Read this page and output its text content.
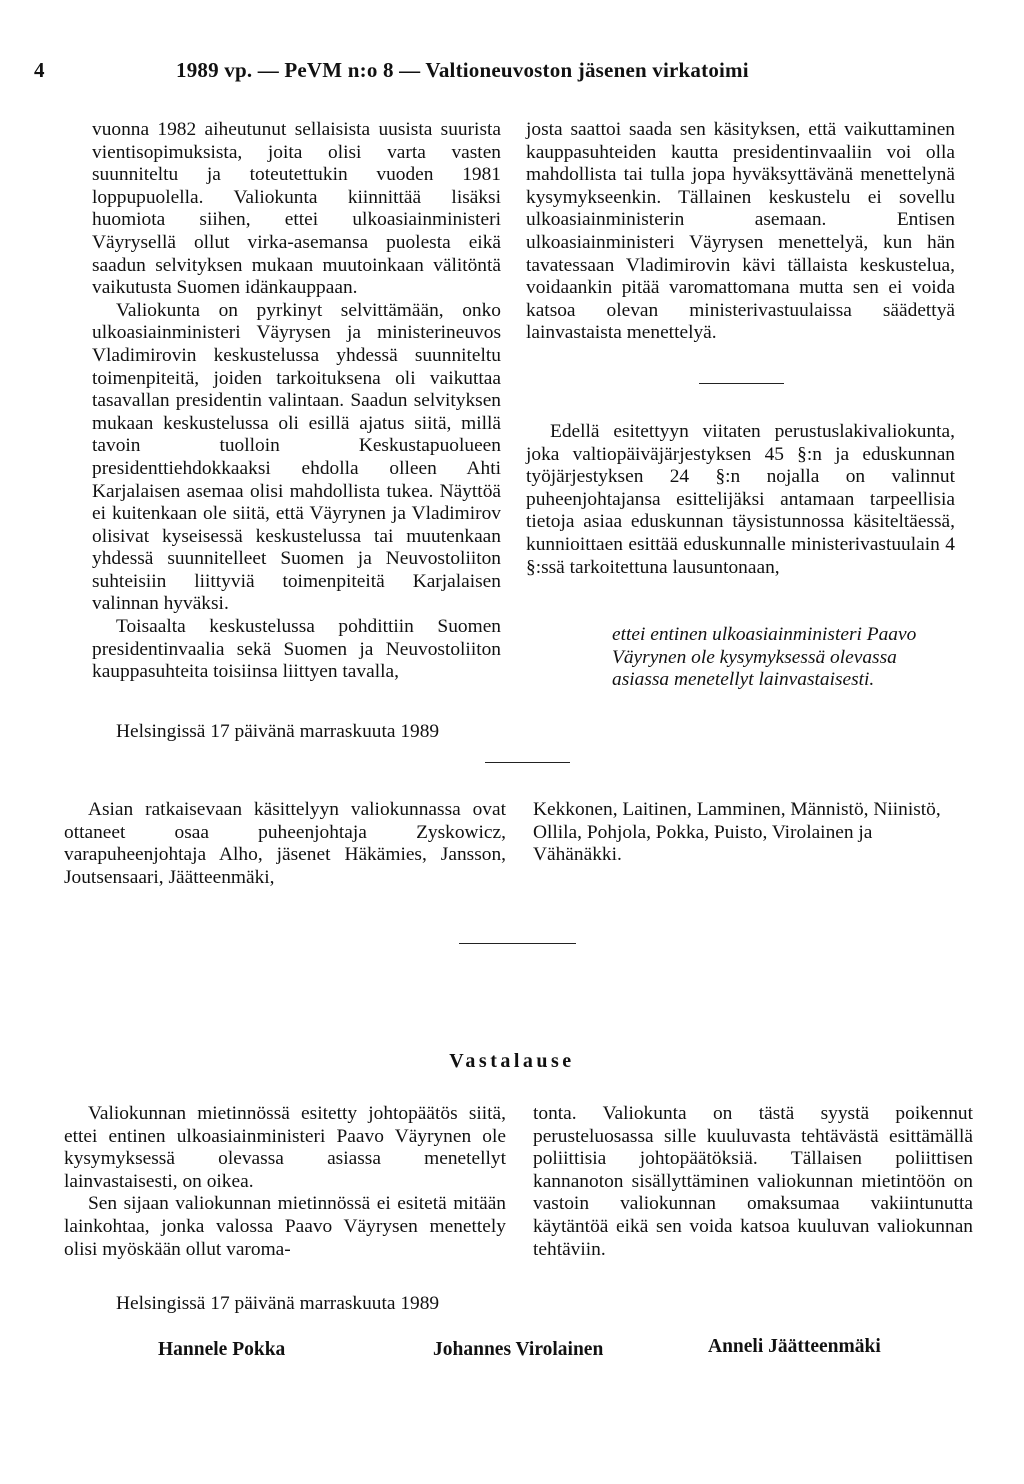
4	1989 vp. — PeVM n:o 8 — Valtioneuvoston jäsenen virkatoimi

vuonna 1982 aiheutunut sellaisista uusista suurista vientisopimuksista, joita olisi varta vasten suunniteltu ja toteutettukin vuoden 1981 loppupuolella. Valiokunta kiinnittää lisäksi huomiota siihen, ettei ulkoasiainministeri Väyrysellä ollut virka-asemansa puolesta eikä saadun selvityksen mukaan muutoinkaan välitöntä vaikutusta Suomen idänkauppaan.

Valiokunta on pyrkinyt selvittämään, onko ulkoasiainministeri Väyrysen ja ministerineuvos Vladimirovin keskustelussa yhdessä suunniteltu toimenpiteitä, joiden tarkoituksena oli vaikuttaa tasavallan presidentin valintaan. Saadun selvityksen mukaan keskustelussa oli esillä ajatus siitä, millä tavoin tuolloin Keskustapuolueen presidenttiehdokkaaksi ehdolla olleen Ahti Karjalaisen asemaa olisi mahdollista tukea. Näyttöä ei kuitenkaan ole siitä, että Väyrynen ja Vladimirov olisivat kyseisessä keskustelussa tai muutenkaan yhdessä suunnitelleet Suomen ja Neuvostoliiton suhteisiin liittyviä toimenpiteitä Karjalaisen valinnan hyväksi.

Toisaalta keskustelussa pohdittiin Suomen presidentinvaalia sekä Suomen ja Neuvostoliiton kauppasuhteita toisiinsa liittyen tavalla,

josta saattoi saada sen käsityksen, että vaikuttaminen kauppasuhteiden kautta presidentinvaaliin voi olla mahdollista tai tulla jopa hyväksyttävänä menettelynä kysymykseenkin. Tällainen keskustelu ei sovellu ulkoasiainministerin asemaan. Entisen ulkoasiainministeri Väyrysen menettelyä, kun hän tavatessaan Vladimirovin kävi tällaista keskustelua, voidaankin pitää varomattomana mutta sen ei voida katsoa olevan ministerivastuulaissa säädettyä lainvastaista menettelyä.

Edellä esitettyyn viitaten perustuslakivaliokunta, joka valtiopäiväjärjestyksen 45 §:n ja eduskunnan työjärjestyksen 24 §:n nojalla on valinnut puheenjohtajansa esittelijäksi antamaan tarpeellisia tietoja asiaa eduskunnan täysistunnossa käsiteltäessä, kunnioittaen esittää eduskunnalle ministerivastuulain 4 §:ssä tarkoitettuna lausuntonaan,

ettei entinen ulkoasiainministeri Paavo Väyrynen ole kysymyksessä olevassa asiassa menetellyt lainvastaisesti.

Helsingissä 17 päivänä marraskuuta 1989

Asian ratkaisevaan käsittelyyn valiokunnassa ovat ottaneet osaa puheenjohtaja Zyskowicz, varapuheenjohtaja Alho, jäsenet Häkämies, Jansson, Joutsensaari, Jäätteenmäki,

Kekkonen, Laitinen, Lamminen, Männistö, Niinistö, Ollila, Pohjola, Pokka, Puisto, Virolainen ja Vähänäkki.

Vastalause

Valiokunnan mietinnössä esitetty johtopäätös siitä, ettei entinen ulkoasiainministeri Paavo Väyrynen ole kysymyksessä olevassa asiassa menetellyt lainvastaisesti, on oikea.

Sen sijaan valiokunnan mietinnössä ei esitetä mitään lainkohtaa, jonka valossa Paavo Väyrysen menettely olisi myöskään ollut varoma-

tonta. Valiokunta on tästä syystä poikennut perusteluosassa sille kuuluvasta tehtävästä esittämällä poliittisia johtopäätöksiä. Tällaisen poliittisen kannanoton sisällyttäminen valiokunnan mietintöön on vastoin valiokunnan omaksumaa vakiintunutta käytäntöä eikä sen voida katsoa kuuluvan valiokunnan tehtäviin.

Helsingissä 17 päivänä marraskuuta 1989

Hannele Pokka	Johannes Virolainen	Anneli Jäätteenmäki
